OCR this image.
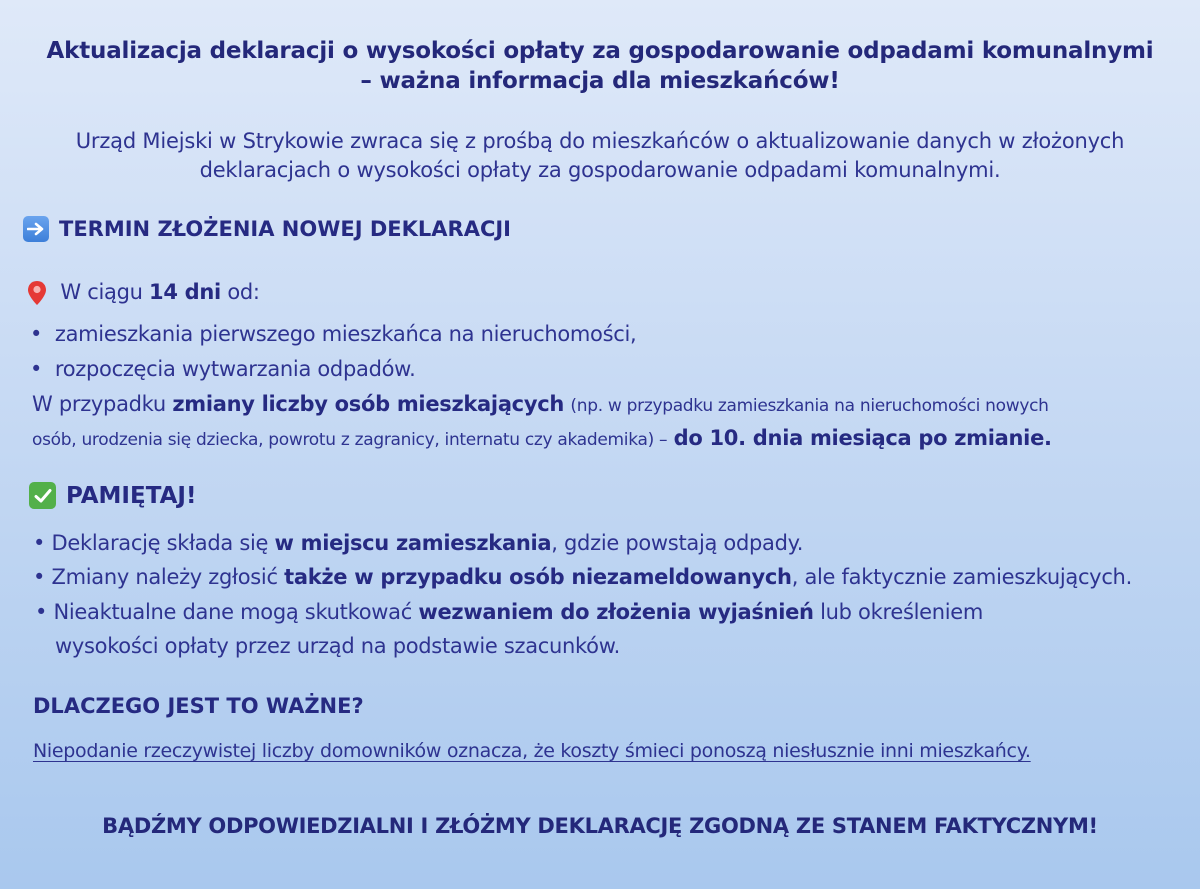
Aktualizacja deklaracji o wysokości opłaty za gospodarowanie odpadami komunalnymi
– ważna informacja dla mieszkańców!
Urząd Miejski w Strykowie zwraca się z prośbą do mieszkańców o aktualizowanie danych w złożonych
deklaracjach o wysokości opłaty za gospodarowanie odpadami komunalnymi.
TERMIN ZŁOŻENIA NOWEJ DEKLARACJI
W ciągu 14 dni od:
• zamieszkania pierwszego mieszkańca na nieruchomości,
• rozpoczęcia wytwarzania odpadów.
W przypadku zmiany liczby osób mieszkających (np. w przypadku zamieszkania na nieruchomości nowych
osób, urodzenia się dziecka, powrotu z zagranicy, internatu czy akademika) – do 10. dnia miesiąca po zmianie.
PAMIĘTAJ!
• Deklarację składa się w miejscu zamieszkania, gdzie powstają odpady.
• Zmiany należy zgłosić także w przypadku osób niezameldowanych, ale faktycznie zamieszkujących.
• Nieaktualne dane mogą skutkować wezwaniem do złożenia wyjaśnień lub określeniem
wysokości opłaty przez urząd na podstawie szacunków.
DLACZEGO JEST TO WAŻNE?
Niepodanie rzeczywistej liczby domowników oznacza, że koszty śmieci ponoszą niesłusznie inni mieszkańcy.
BĄDŹMY ODPOWIEDZIALNI I ZŁÓŻMY DEKLARACJĘ ZGODNĄ ZE STANEM FAKTYCZNYM!
